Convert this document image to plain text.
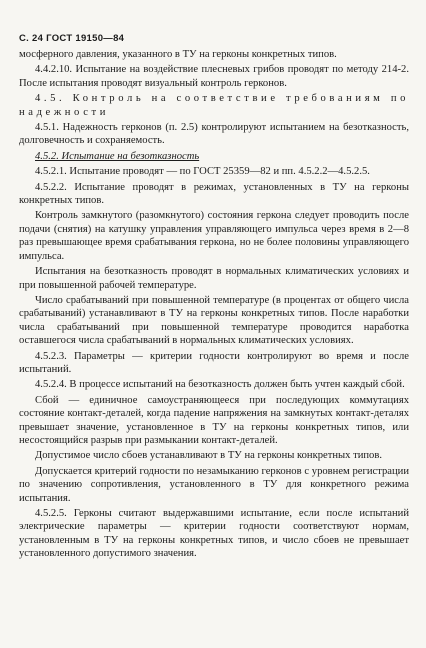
С. 24 ГОСТ 19150—84

мосферного давления, указанного в ТУ на герконы конкретных типов.

4.4.2.10. Испытание на воздействие плесневых грибов проводят по методу 214-2. После испытания проводят визуальный контроль герконов.

4.5. Контроль на соответствие требованиям по надежности

4.5.1. Надежность герконов (п. 2.5) контролируют испытанием на безотказность, долговечность и сохраняемость.

4.5.2. Испытание на безотказность

4.5.2.1. Испытание проводят — по ГОСТ 25359—82 и пп. 4.5.2.2—4.5.2.5.

4.5.2.2. Испытание проводят в режимах, установленных в ТУ на герконы конкретных типов.

Контроль замкнутого (разомкнутого) состояния геркона следует проводить после подачи (снятия) на катушку управления управляющего импульса через время в 2—8 раз превышающее время срабатывания геркона, но не более половины управляющего импульса.

Испытания на безотказность проводят в нормальных климатических условиях и при повышенной рабочей температуре.

Число срабатываний при повышенной температуре (в процентах от общего числа срабатываний) устанавливают в ТУ на герконы конкретных типов. После наработки числа срабатываний при повышенной температуре проводится наработка оставшегося числа срабатываний в нормальных климатических условиях.

4.5.2.3. Параметры — критерии годности контролируют во время и после испытаний.

4.5.2.4. В процессе испытаний на безотказность должен быть учтен каждый сбой.

Сбой — единичное самоустраняющееся при последующих коммутациях состояние контакт-деталей, когда падение напряжения на замкнутых контакт-деталях превышает значение, установленное в ТУ на герконы конкретных типов, или несостоящийся разрыв при размыкании контакт-деталей.

Допустимое число сбоев устанавливают в ТУ на герконы конкретных типов.

Допускается критерий годности по незамыканию герконов с уровнем регистрации по значению сопротивления, установленного в ТУ для конкретного режима испытания.

4.5.2.5. Герконы считают выдержавшими испытание, если после испытаний электрические параметры — критерии годности соответствуют нормам, установленным в ТУ на герконы конкретных типов, и число сбоев не превышает установленного допустимого значения.
